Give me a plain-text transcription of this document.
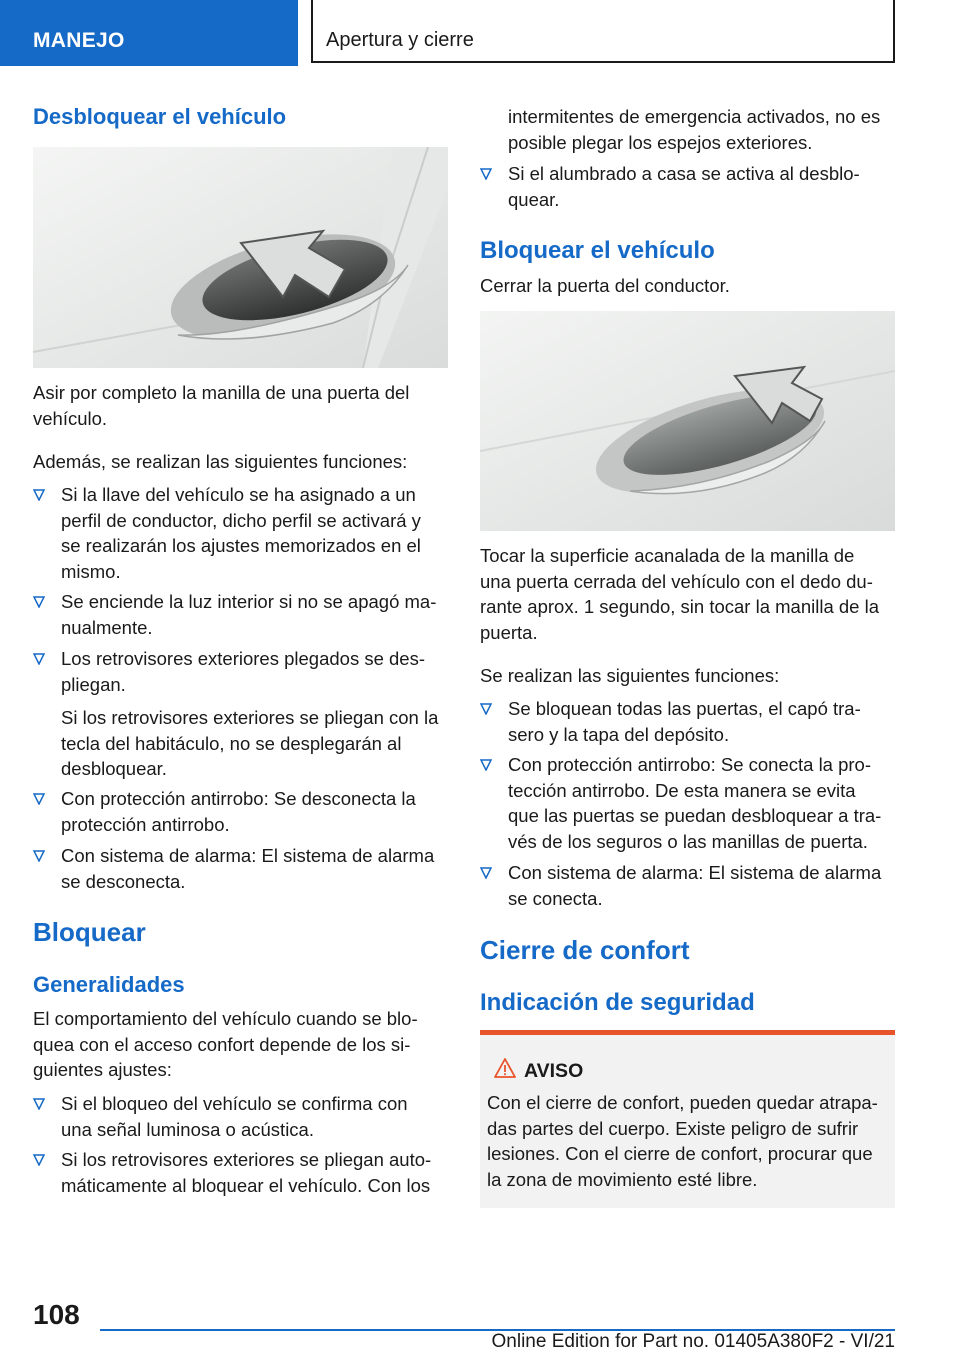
MANEJO	Apertura y cierre
Desbloquear el vehículo

Asir por completo la manilla de una puerta del
vehículo.

Además, se realizan las siguientes funciones:

Si la llave del vehículo se ha asignado a un
perfil de conductor, dicho perfil se activará y
se realizarán los ajustes memorizados en el
mismo.
Se enciende la luz interior si no se apagó ma-
nualmente.
Los retrovisores exteriores plegados se des-
pliegan.

Si los retrovisores exteriores se pliegan con la
tecla del habitáculo, no se desplegarán al
desbloquear.

Con protección antirrobo: Se desconecta la
protección antirrobo.
Con sistema de alarma: El sistema de alarma
se desconecta.
Bloquear
Generalidades

El comportamiento del vehículo cuando se blo-
quea con el acceso confort depende de los si-
guientes ajustes:

Si el bloqueo del vehículo se confirma con
una señal luminosa o acústica.
Si los retrovisores exteriores se pliegan auto-
máticamente al bloquear el vehículo. Con los

intermitentes de emergencia activados, no es
posible plegar los espejos exteriores.

Si el alumbrado a casa se activa al desblo-
quear.
Bloquear el vehículo

Cerrar la puerta del conductor.

Tocar la superficie acanalada de la manilla de
una puerta cerrada del vehículo con el dedo du-
rante aprox. 1 segundo, sin tocar la manilla de la
puerta.

Se realizan las siguientes funciones:

Se bloquean todas las puertas, el capó tra-
sero y la tapa del depósito.
Con protección antirrobo: Se conecta la pro-
tección antirrobo. De esta manera se evita
que las puertas se puedan desbloquear a tra-
vés de los seguros o las manillas de puerta.
Con sistema de alarma: El sistema de alarma
se conecta.
Cierre de confort
Indicación de seguridad
AVISO
Con el cierre de confort, pueden quedar atrapa-
das partes del cuerpo. Existe peligro de sufrir
lesiones. Con el cierre de confort, procurar que
la zona de movimiento esté libre.
108
Online Edition for Part no. 01405A380F2 - VI/21
